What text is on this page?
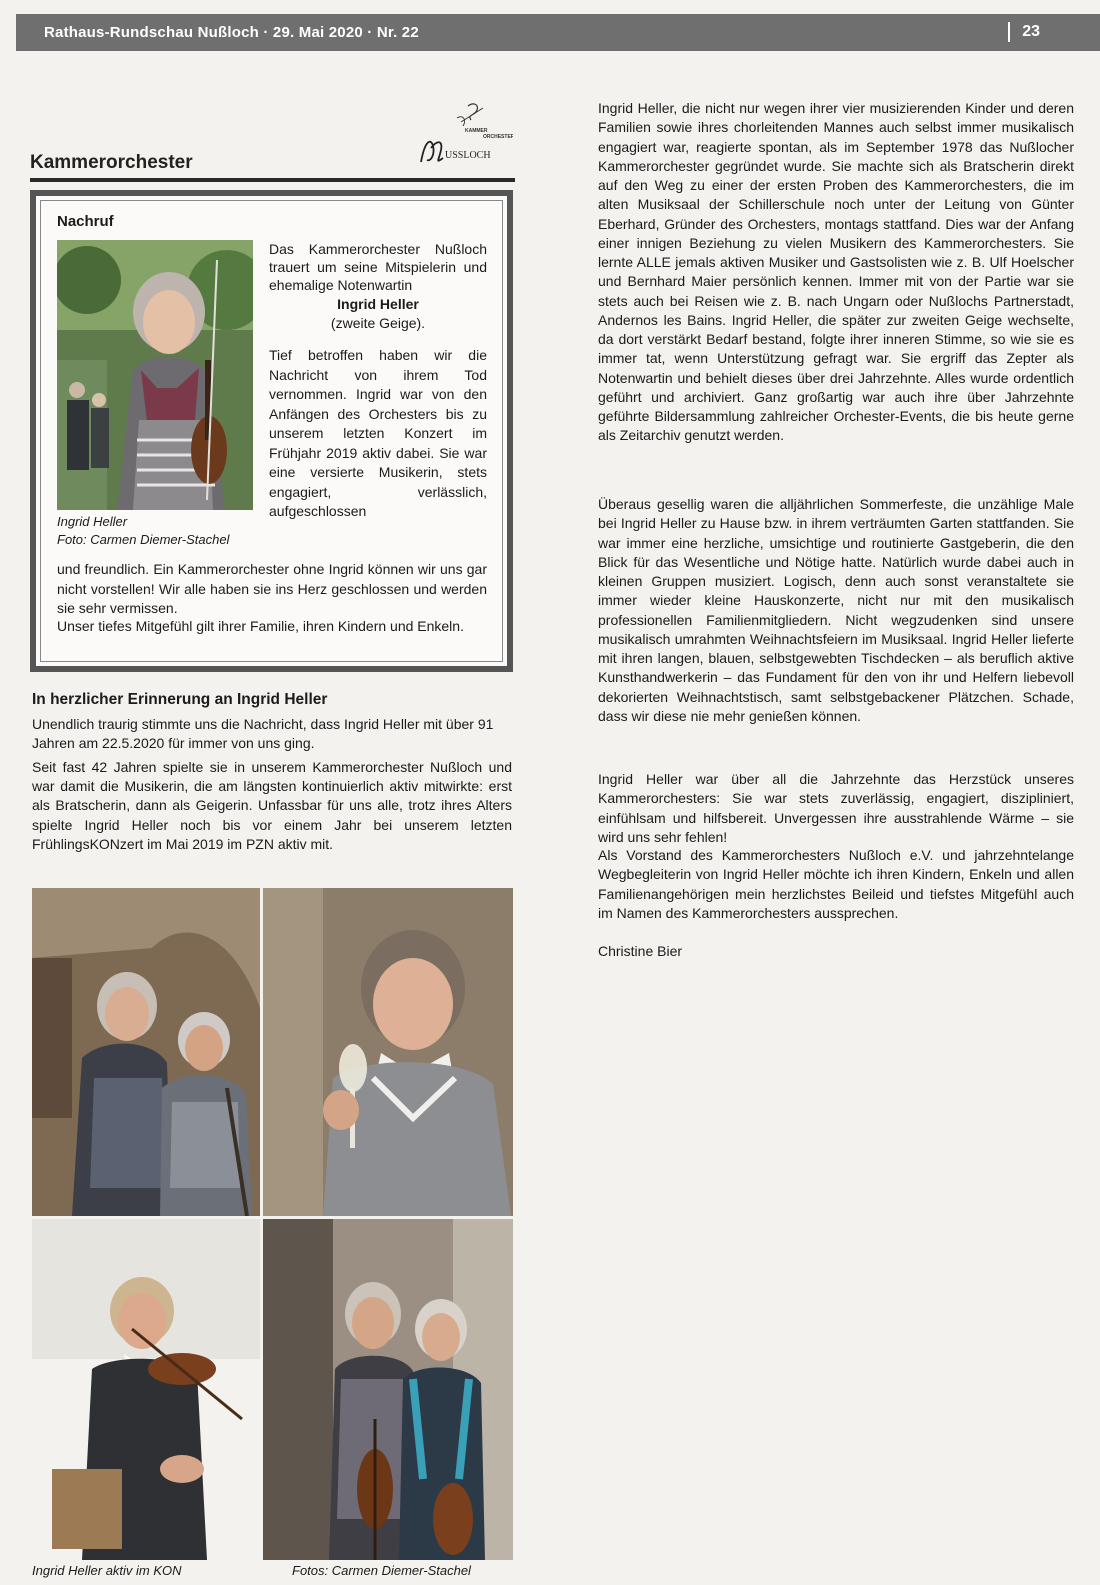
Rathaus-Rundschau Nußloch · 29. Mai 2020 · Nr. 22	23
Kammerorchester
KAMMER
ORCHESTER
USSLOCH
Nachruf
Ingrid Heller
Foto: Carmen Diemer-Stachel
Das Kammerorchester Nußloch trauert um seine Mitspielerin und ehemalige Notenwartin
Ingrid Heller
(zweite Geige).
Tief betroffen haben wir die Nachricht von ihrem Tod vernommen. Ingrid war von den Anfängen des Orchesters bis zu unserem letzten Konzert im Frühjahr 2019 aktiv dabei. Sie war eine versierte Musikerin, stets engagiert, verlässlich, aufgeschlossen
und freundlich. Ein Kammerorchester ohne Ingrid können wir uns gar nicht vorstellen! Wir alle haben sie ins Herz geschlossen und werden sie sehr vermissen.
Unser tiefes Mitgefühl gilt ihrer Familie, ihren Kindern und Enkeln.
In herzlicher Erinnerung an Ingrid Heller
Unendlich traurig stimmte uns die Nachricht, dass Ingrid Heller mit über 91 Jahren am 22.5.2020 für immer von uns ging.
Seit fast 42 Jahren spielte sie in unserem Kammerorchester Nußloch und war damit die Musikerin, die am längsten kontinuierlich aktiv mitwirkte: erst als Bratscherin, dann als Geigerin. Unfassbar für uns alle, trotz ihres Alters spielte Ingrid Heller noch bis vor einem Jahr bei unserem letzten FrühlingsKONzert im Mai 2019 im PZN aktiv mit.
Ingrid Heller aktiv im KON	Fotos: Carmen Diemer-Stachel
Ingrid Heller, die nicht nur wegen ihrer vier musizierenden Kinder und deren Familien sowie ihres chorleitenden Mannes auch selbst immer musikalisch engagiert war, reagierte spontan, als im September 1978 das Nußlocher Kammerorchester gegründet wurde. Sie machte sich als Bratscherin direkt auf den Weg zu einer der ersten Proben des Kammerorchesters, die im alten Musiksaal der Schillerschule noch unter der Leitung von Günter Eberhard, Gründer des Orchesters, montags stattfand. Dies war der Anfang einer innigen Beziehung zu vielen Musikern des Kammerorchesters. Sie lernte ALLE jemals aktiven Musiker und Gastsolisten wie z. B. Ulf Hoelscher und Bernhard Maier persönlich kennen. Immer mit von der Partie war sie stets auch bei Reisen wie z. B. nach Ungarn oder Nußlochs Partnerstadt, Andernos les Bains. Ingrid Heller, die später zur zweiten Geige wechselte, da dort verstärkt Bedarf bestand, folgte ihrer inneren Stimme, so wie sie es immer tat, wenn Unterstützung gefragt war. Sie ergriff das Zepter als Notenwartin und behielt dieses über drei Jahrzehnte. Alles wurde ordentlich geführt und archiviert. Ganz großartig war auch ihre über Jahrzehnte geführte Bildersammlung zahlreicher Orchester-Events, die bis heute gerne als Zeitarchiv genutzt werden.
Überaus gesellig waren die alljährlichen Sommerfeste, die unzählige Male bei Ingrid Heller zu Hause bzw. in ihrem verträumten Garten stattfanden. Sie war immer eine herzliche, umsichtige und routinierte Gastgeberin, die den Blick für das Wesentliche und Nötige hatte. Natürlich wurde dabei auch in kleinen Gruppen musiziert. Logisch, denn auch sonst veranstaltete sie immer wieder kleine Hauskonzerte, nicht nur mit den musikalisch professionellen Familienmitgliedern. Nicht wegzudenken sind unsere musikalisch umrahmten Weihnachtsfeiern im Musiksaal. Ingrid Heller lieferte mit ihren langen, blauen, selbstgewebten Tischdecken – als beruflich aktive Kunsthandwerkerin – das Fundament für den von ihr und Helfern liebevoll dekorierten Weihnachtstisch, samt selbstgebackener Plätzchen. Schade, dass wir diese nie mehr genießen können.
Ingrid Heller war über all die Jahrzehnte das Herzstück unseres Kammerorchesters: Sie war stets zuverlässig, engagiert, diszipliniert, einfühlsam und hilfsbereit. Unvergessen ihre ausstrahlende Wärme – sie wird uns sehr fehlen!
Als Vorstand des Kammerorchesters Nußloch e.V. und jahrzehntelange Wegbegleiterin von Ingrid Heller möchte ich ihren Kindern, Enkeln und allen Familienangehörigen mein herzlichstes Beileid und tiefstes Mitgefühl auch im Namen des Kammerorchesters aussprechen.
Christine Bier
